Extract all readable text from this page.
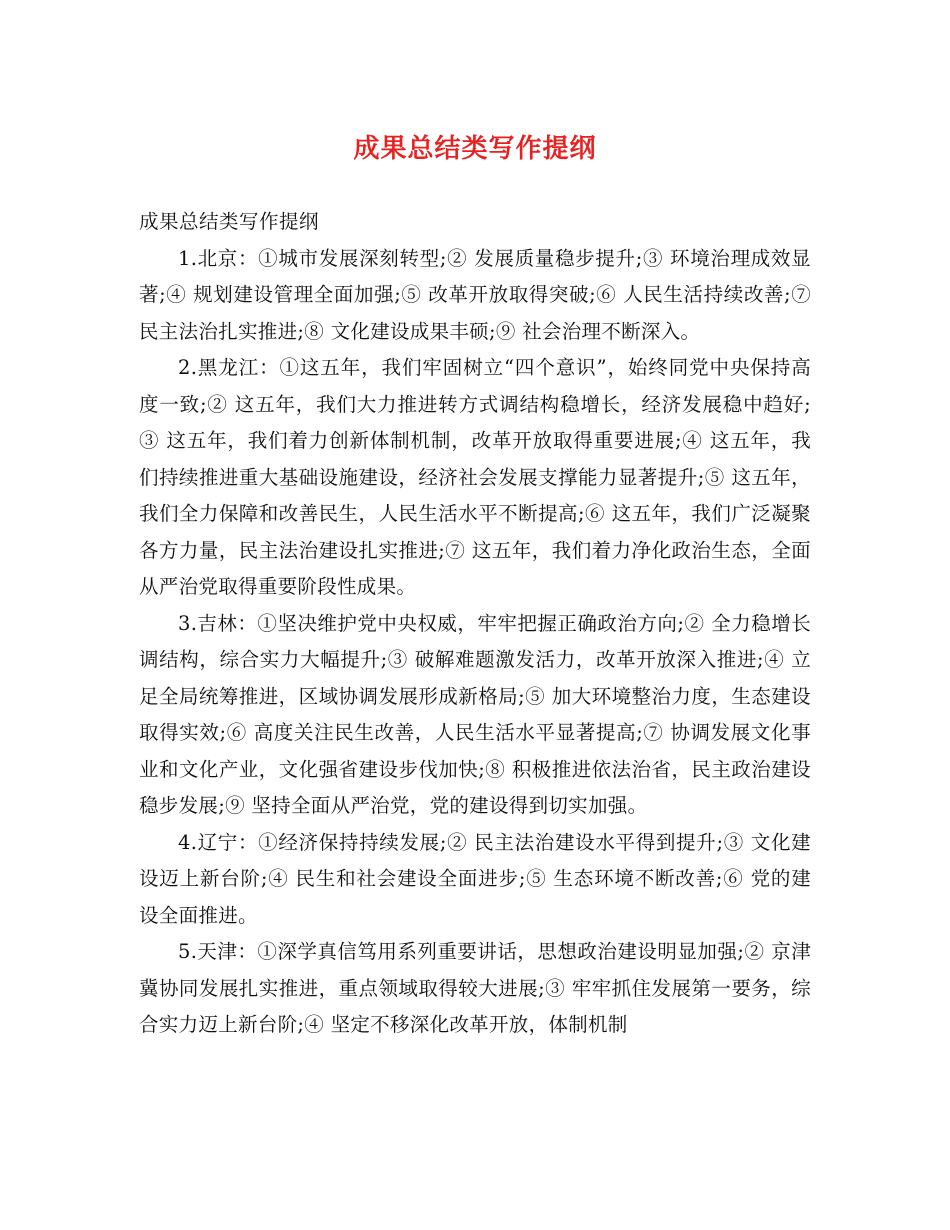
成果总结类写作提纲

成果总结类写作提纲

1.北京：①城市发展深刻转型;② 发展质量稳步提升;③ 环境治理成效显著;④ 规划建设管理全面加强;⑤ 改革开放取得突破;⑥ 人民生活持续改善;⑦ 民主法治扎实推进;⑧ 文化建设成果丰硕;⑨ 社会治理不断深入。

2.黑龙江：①这五年，我们牢固树立“四个意识”，始终同党中央保持高度一致;② 这五年，我们大力推进转方式调结构稳增长，经济发展稳中趋好;③ 这五年，我们着力创新体制机制，改革开放取得重要进展;④ 这五年，我们持续推进重大基础设施建设，经济社会发展支撑能力显著提升;⑤ 这五年，我们全力保障和改善民生，人民生活水平不断提高;⑥ 这五年，我们广泛凝聚各方力量，民主法治建设扎实推进;⑦ 这五年，我们着力净化政治生态，全面从严治党取得重要阶段性成果。

3.吉林：①坚决维护党中央权威，牢牢把握正确政治方向;② 全力稳增长调结构，综合实力大幅提升;③ 破解难题激发活力，改革开放深入推进;④ 立足全局统筹推进，区域协调发展形成新格局;⑤ 加大环境整治力度，生态建设取得实效;⑥ 高度关注民生改善，人民生活水平显著提高;⑦ 协调发展文化事业和文化产业，文化强省建设步伐加快;⑧ 积极推进依法治省，民主政治建设稳步发展;⑨ 坚持全面从严治党，党的建设得到切实加强。

4.辽宁：①经济保持持续发展;② 民主法治建设水平得到提升;③ 文化建设迈上新台阶;④ 民生和社会建设全面进步;⑤ 生态环境不断改善;⑥ 党的建设全面推进。

5.天津：①深学真信笃用系列重要讲话，思想政治建设明显加强;② 京津冀协同发展扎实推进，重点领域取得较大进展;③ 牢牢抓住发展第一要务，综合实力迈上新台阶;④ 坚定不移深化改革开放，体制机制
